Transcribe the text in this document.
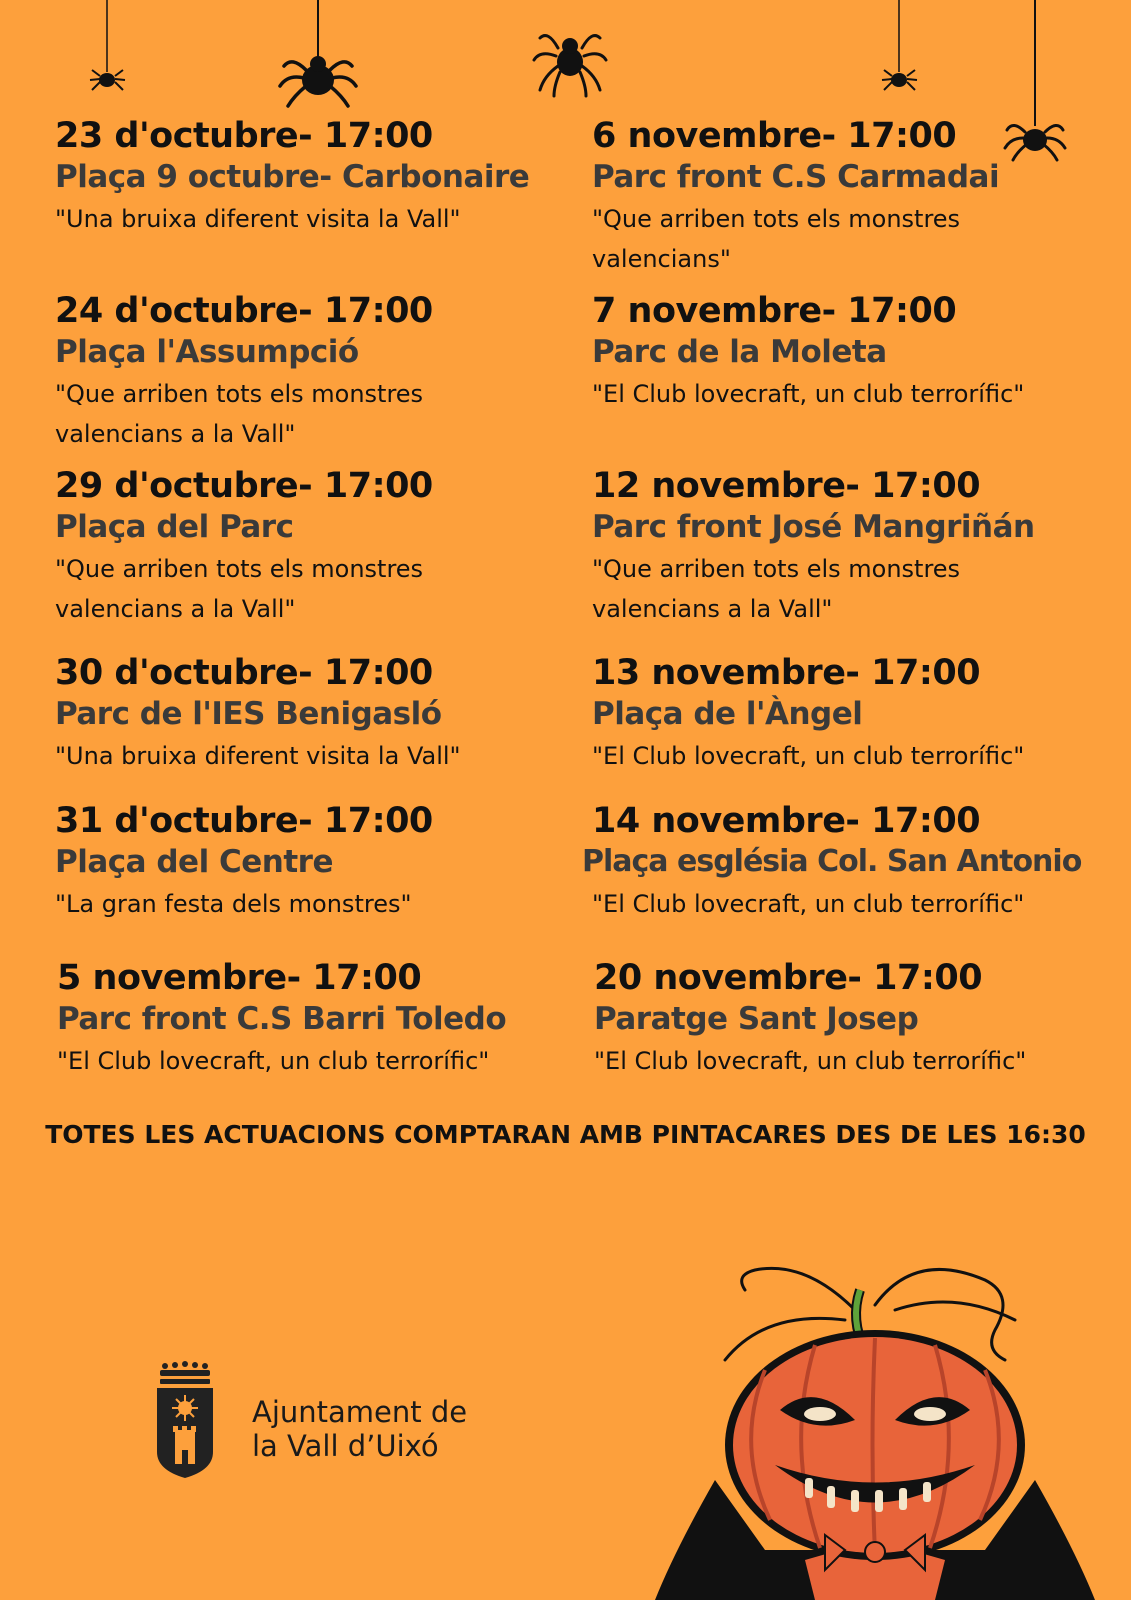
23 d'octubre- 17:00
Plaça 9 octubre- Carbonaire
"Una bruixa diferent visita la Vall"
24 d'octubre- 17:00
Plaça l'Assumpció
"Que arriben tots els monstres valencians a la Vall"
29 d'octubre- 17:00
Plaça del Parc
"Que arriben tots els monstres valencians a la Vall"
30 d'octubre- 17:00
Parc de l'IES Benigasló
"Una bruixa diferent visita la Vall"
31 d'octubre- 17:00
Plaça del Centre
"La gran festa dels monstres"
5 novembre- 17:00
Parc front C.S Barri Toledo
"El Club lovecraft, un club terrorífic"
6 novembre- 17:00
Parc front C.S Carmadai
"Que arriben tots els monstres valencians"
7 novembre- 17:00
Parc de la Moleta
"El Club lovecraft, un club terrorífic"
12 novembre- 17:00
Parc front José Mangriñán
"Que arriben tots els monstres valencians a la Vall"
13 novembre- 17:00
Plaça de l'Àngel
"El Club lovecraft, un club terrorífic"
14 novembre- 17:00
Plaça església Col. San Antonio
"El Club lovecraft, un club terrorífic"
20 novembre- 17:00
Paratge Sant Josep
"El Club lovecraft, un club terrorífic"
TOTES LES ACTUACIONS COMPTARAN AMB PINTACARES DES DE LES 16:30
Ajuntament de
la Vall d’Uixó
